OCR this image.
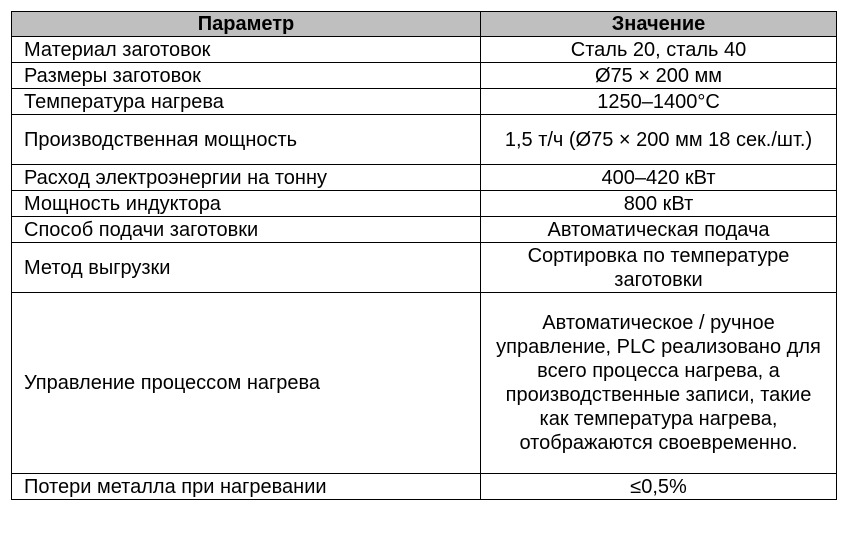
Параметр	Значение
Материал заготовок	Сталь 20, сталь 40
Размеры заготовок	Ø75 × 200 мм
Температура нагрева	1250–1400°C
Производственная мощность	1,5 т/ч (Ø75 × 200 мм 18 сек./шт.)
Расход электроэнергии на тонну	400–420 кВт
Мощность индуктора	800 кВт
Способ подачи заготовки	Автоматическая подача
Метод выгрузки	Сортировка по температуре заготовки
Управление процессом нагрева	Автоматическое / ручное управление, PLC реализовано для всего процесса нагрева, а производственные записи, такие как температура нагрева, отображаются своевременно.
Потери металла при нагревании	≤0,5%
